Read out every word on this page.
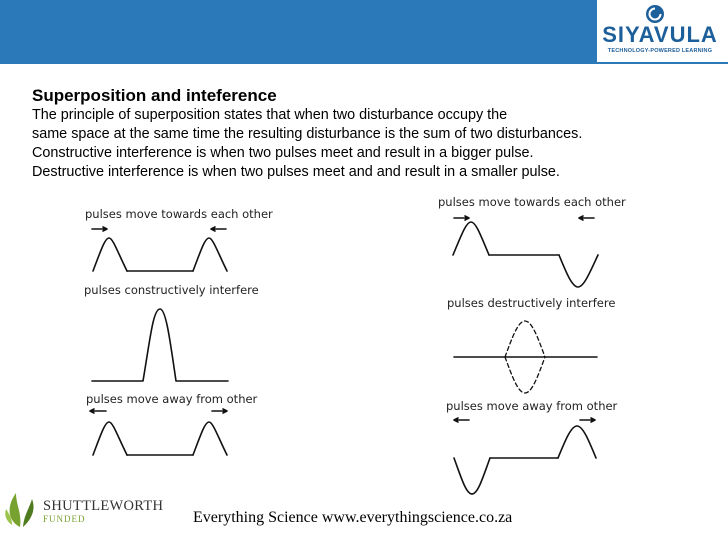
SIYAVULA
TECHNOLOGY-POWERED LEARNING
Superposition and inteference
The principle of superposition states that when two disturbance occupy the
same space at the same time the resulting disturbance is the sum of two disturbances.
Constructive interference is when two pulses meet and result in a bigger pulse.
Destructive interference is when two pulses meet and and result in a smaller pulse.
pulses move towards each other
pulses constructively interfere
pulses move away from other
pulses move towards each other
pulses destructively interfere
pulses move away from other
SHUTTLEWORTH
FUNDED	Everything Science www.everythingscience.co.za
